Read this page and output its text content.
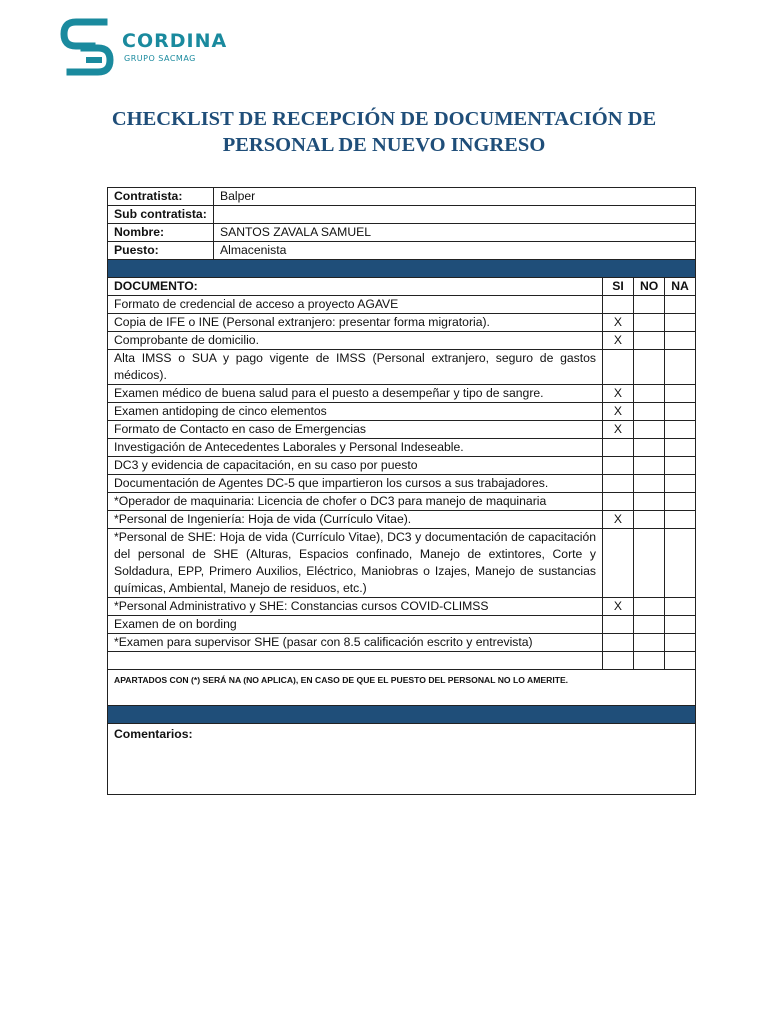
CORDINA
GRUPO SACMAG
CHECKLIST DE RECEPCIÓN DE DOCUMENTACIÓN DE
PERSONAL DE NUEVO INGRESO
Contratista:	Balper			
Sub contratista:				
Nombre:	SANTOS ZAVALA SAMUEL			
Puesto:	Almacenista			

DOCUMENTO:		SI	NO	NA
Formato de credencial de acceso a proyecto AGAVE				
Copia de IFE o INE (Personal extranjero: presentar forma migratoria).		X		
Comprobante de domicilio.		X		
Alta IMSS o SUA y pago vigente de IMSS (Personal extranjero, seguro de gastos médicos).				
Examen médico de buena salud para el puesto a desempeñar y tipo de sangre.		X		
Examen antidoping de cinco elementos		X		
Formato de Contacto en caso de Emergencias		X		
Investigación de Antecedentes Laborales y Personal Indeseable.				
DC3 y evidencia de capacitación, en su caso por puesto				
Documentación de Agentes DC-5 que impartieron los cursos a sus trabajadores.				
*Operador de maquinaria: Licencia de chofer o DC3 para manejo de maquinaria				
*Personal de Ingeniería: Hoja de vida (Currículo Vitae).		X		
*Personal de SHE: Hoja de vida (Currículo Vitae), DC3 y documentación de capacitación del personal de SHE (Alturas, Espacios confinado, Manejo de extintores, Corte y Soldadura, EPP, Primero Auxilios, Eléctrico, Maniobras o Izajes, Manejo de sustancias químicas, Ambiental, Manejo de residuos, etc.)				
*Personal Administrativo y SHE: Constancias cursos COVID-CLIMSS		X		
Examen de on bording				
*Examen para supervisor SHE (pasar con 8.5 calificación escrito y entrevista)				

APARTADOS CON (*) SERÁ NA (NO APLICA), EN CASO DE QUE EL PUESTO DEL PERSONAL NO LO AMERITE.				

Comentarios:				
